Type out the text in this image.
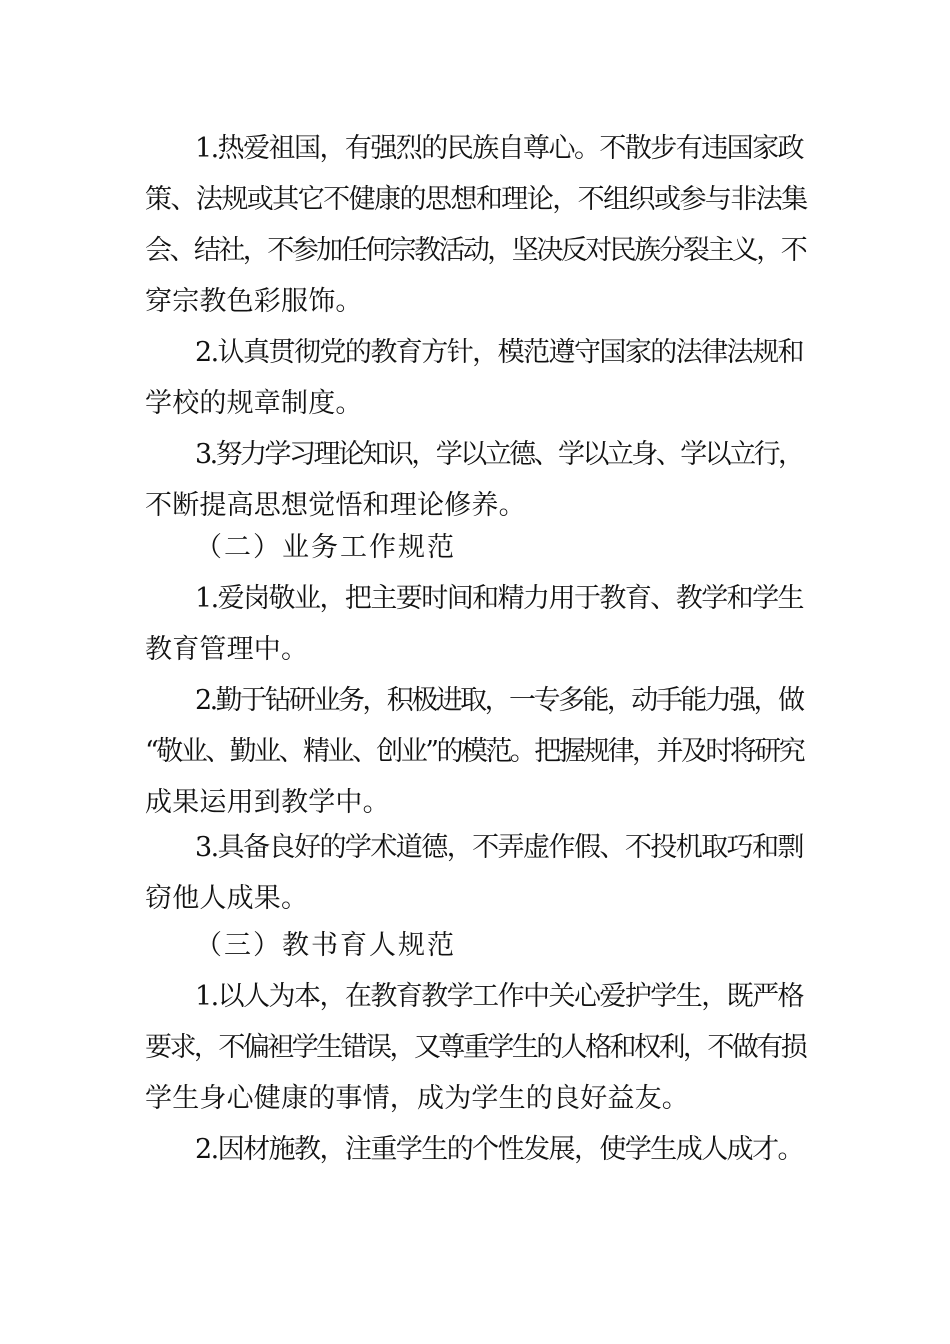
1.热爱祖国，有强烈的民族自尊心。不散步有违国家政
策、法规或其它不健康的思想和理论，不组织或参与非法集
会、结社，不参加任何宗教活动，坚决反对民族分裂主义，不
穿宗教色彩服饰。
2.认真贯彻党的教育方针，模范遵守国家的法律法规和
学校的规章制度。
3.努力学习理论知识，学以立德、学以立身、学以立行，
不断提高思想觉悟和理论修养。
（二）业务工作规范
1.爱岗敬业，把主要时间和精力用于教育、教学和学生
教育管理中。
2.勤于钻研业务，积极进取，一专多能，动手能力强，做
“敬业、勤业、精业、创业”的模范。把握规律，并及时将研究
成果运用到教学中。
3.具备良好的学术道德，不弄虚作假、不投机取巧和剽
窃他人成果。
（三）教书育人规范
1.以人为本，在教育教学工作中关心爱护学生，既严格
要求，不偏袒学生错误，又尊重学生的人格和权利，不做有损
学生身心健康的事情，成为学生的良好益友。
2.因材施教，注重学生的个性发展，使学生成人成才。
